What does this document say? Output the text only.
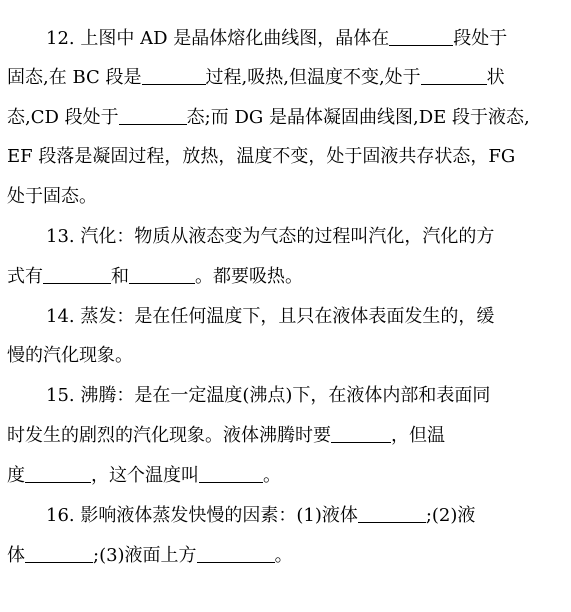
12. 上图中 AD 是晶体熔化曲线图，晶体在	段处于
固态,在 BC 段是	过程,吸热,但温度不变,处于	状
态,CD 段处于	态;而 DG 是晶体凝固曲线图,DE 段于液态,
EF 段落是凝固过程，放热，温度不变，处于固液共存状态，FG
处于固态。
13. 汽化：物质从液态变为气态的过程叫汽化，汽化的方
式有	和	。都要吸热。
14. 蒸发：是在任何温度下，且只在液体表面发生的，缓
慢的汽化现象。
15. 沸腾：是在一定温度(沸点)下，在液体内部和表面同
时发生的剧烈的汽化现象。液体沸腾时要	，但温
度	，这个温度叫	。
16. 影响液体蒸发快慢的因素：(1)液体	;(2)液
体	;(3)液面上方	。
